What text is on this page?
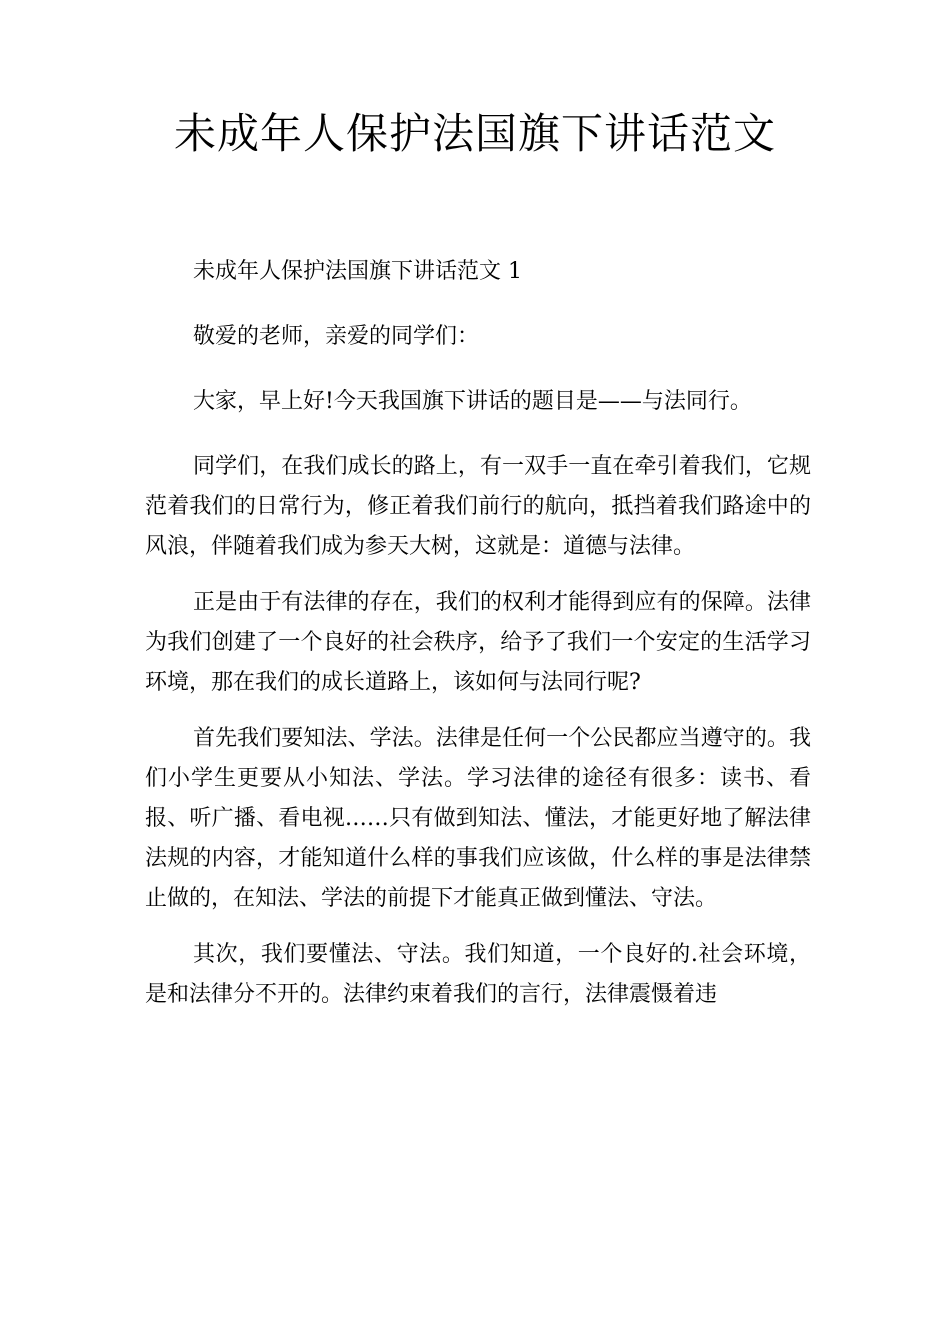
未成年人保护法国旗下讲话范文

未成年人保护法国旗下讲话范文 1

敬爱的老师，亲爱的同学们：

大家，早上好!今天我国旗下讲话的题目是——与法同行。

同学们，在我们成长的路上，有一双手一直在牵引着我们，它规范着我们的日常行为，修正着我们前行的航向，抵挡着我们路途中的风浪，伴随着我们成为参天大树，这就是：道德与法律。

正是由于有法律的存在，我们的权利才能得到应有的保障。法律为我们创建了一个良好的社会秩序，给予了我们一个安定的生活学习环境，那在我们的成长道路上，该如何与法同行呢?

首先我们要知法、学法。法律是任何一个公民都应当遵守的。我们小学生更要从小知法、学法。学习法律的途径有很多：读书、看报、听广播、看电视……只有做到知法、懂法，才能更好地了解法律法规的内容，才能知道什么样的事我们应该做，什么样的事是法律禁止做的，在知法、学法的前提下才能真正做到懂法、守法。

其次，我们要懂法、守法。我们知道，一个良好的.社会环境，是和法律分不开的。法律约束着我们的言行，法律震慑着违
